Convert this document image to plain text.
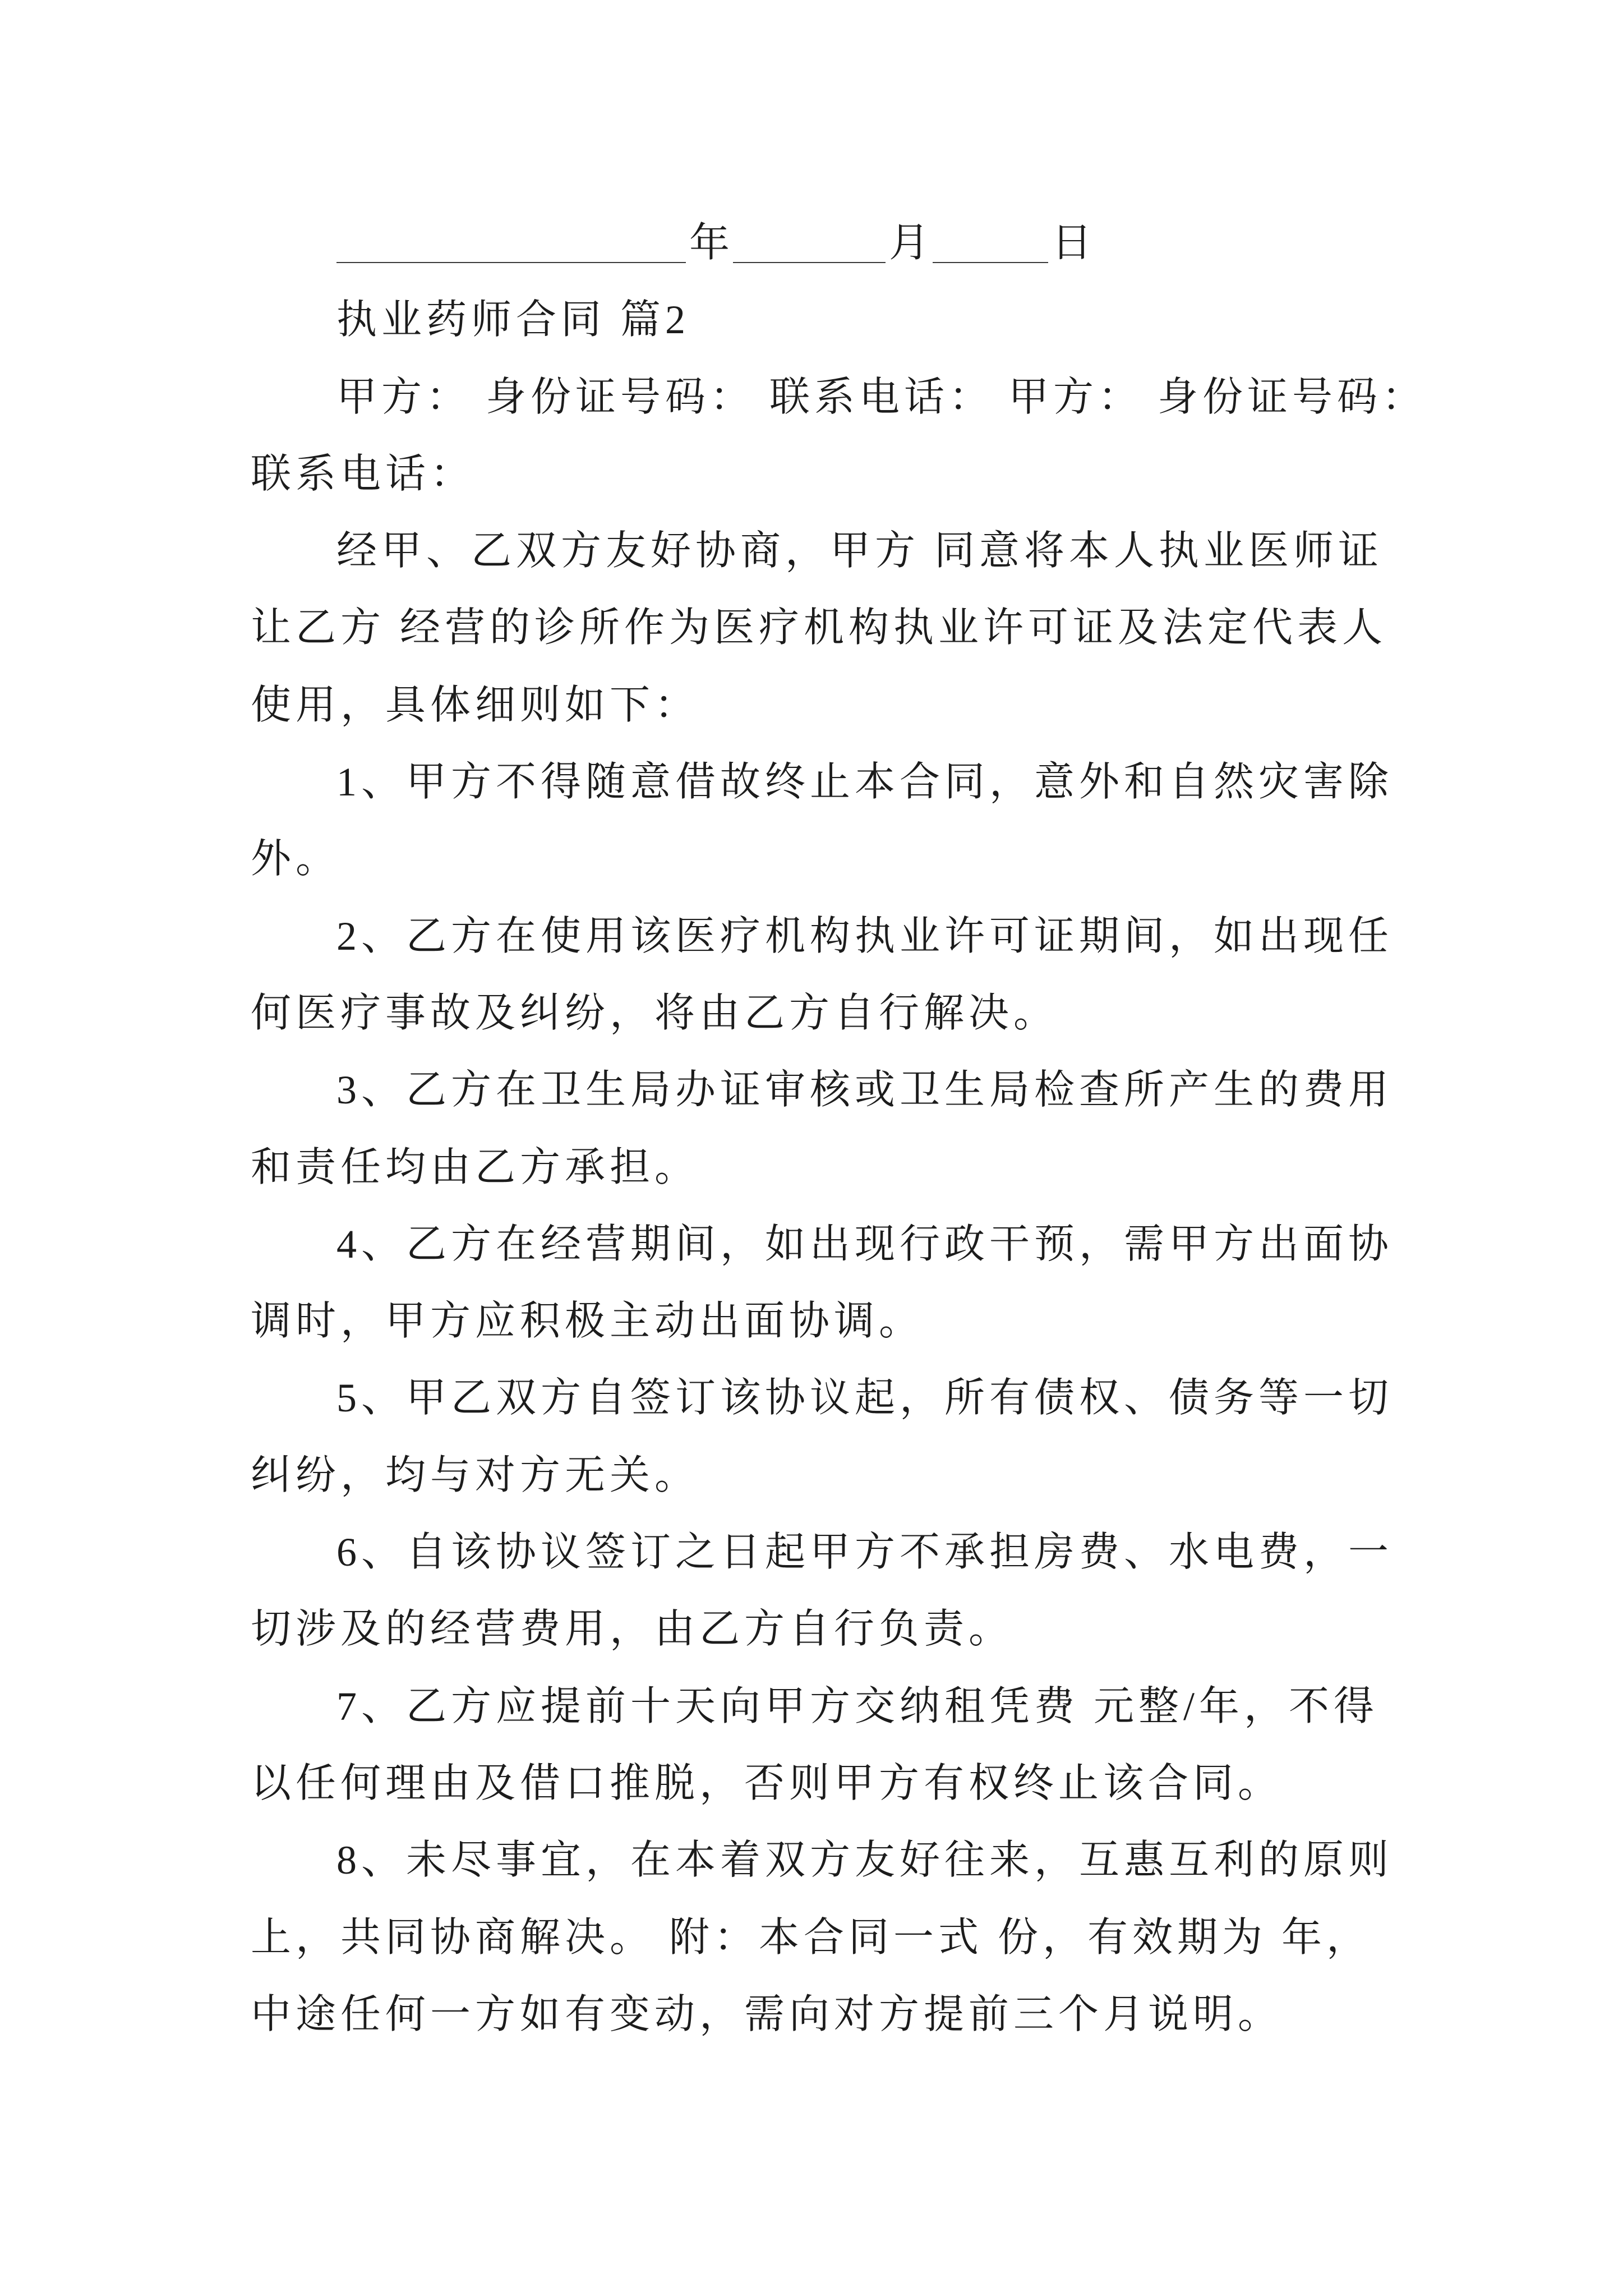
年	月	日
执业药师合同 篇2
甲方： 身份证号码： 联系电话： 甲方： 身份证号码：
联系电话：
经甲、乙双方友好协商，甲方 同意将本人执业医师证
让乙方 经营的诊所作为医疗机构执业许可证及法定代表人
使用，具体细则如下：
1、甲方不得随意借故终止本合同，意外和自然灾害除
外。
2、乙方在使用该医疗机构执业许可证期间，如出现任
何医疗事故及纠纷，将由乙方自行解决。
3、乙方在卫生局办证审核或卫生局检查所产生的费用
和责任均由乙方承担。
4、乙方在经营期间，如出现行政干预，需甲方出面协
调时，甲方应积极主动出面协调。
5、甲乙双方自签订该协议起，所有债权、债务等一切
纠纷，均与对方无关。
6、自该协议签订之日起甲方不承担房费、水电费，一
切涉及的经营费用，由乙方自行负责。
7、乙方应提前十天向甲方交纳租凭费 元整/年，不得
以任何理由及借口推脱，否则甲方有权终止该合同。
8、未尽事宜，在本着双方友好往来，互惠互利的原则
上，共同协商解决。 附：本合同一式 份，有效期为 年，
中途任何一方如有变动，需向对方提前三个月说明。
